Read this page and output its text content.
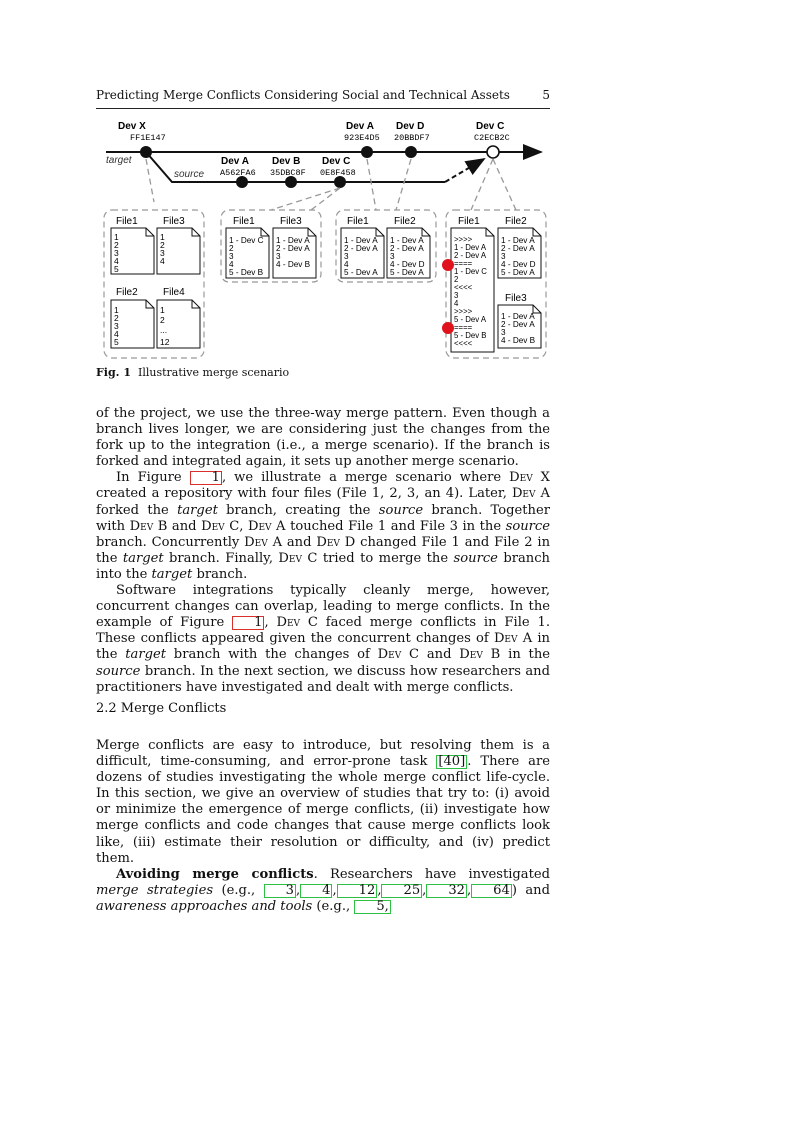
Predicting Merge Conflicts Considering Social and Technical Assets	5
target
source
Dev X
FF1E147
Dev A
A562FA6
Dev B
35DBC8F
Dev C
0E8F458
Dev A
923E4D5
Dev D
20BBDF7
Dev C
C2ECB2C
File1	File3
1
2
3
4
5
1
2
3
4
File2	File4
1
2
3
4
5
1
2
...
12
File1	File3
1 - Dev C
2
3
4
5 - Dev B
1 - Dev A
2 - Dev A
3
4 - Dev B
File1	File2
1 - Dev A
2 - Dev A
3
4
5 - Dev A
1 - Dev A
2 - Dev A
3
4 - Dev D
5 - Dev A
File1	File2
>>>>
1 - Dev A
2 - Dev A
====
1 - Dev C
2
<<<<
3
4
>>>>
5 - Dev A
====
5 - Dev B
<<<<
1 - Dev A
2 - Dev A
3
4 - Dev D
5 - Dev A
File3
1 - Dev A
2 - Dev A
3
4 - Dev B
Fig. 1 Illustrative merge scenario

of the project, we use the three-way merge pattern. Even though a branch lives longer, we are considering just the changes from the fork up to the integration (i.e., a merge scenario). If the branch is forked and integrated again, it sets up another merge scenario.

In Figure 1 , we illustrate a merge scenario where Dev X created a repository with four files (File 1, 2, 3, an 4). Later, Dev A forked the target branch, creating the source branch. Together with Dev B and Dev C, Dev A touched File 1 and File 3 in the source branch. Concurrently Dev A and Dev D changed File 1 and File 2 in the target branch. Finally, Dev C tried to merge the source branch into the target branch.

Software integrations typically cleanly merge, however, concurrent changes can overlap, leading to merge conflicts. In the example of Figure 1 , Dev C faced merge conflicts in File 1. These conflicts appeared given the concurrent changes of Dev A in the target branch with the changes of Dev C and Dev B in the source branch. In the next section, we discuss how researchers and practitioners have investigated and dealt with merge conflicts.

2.2 Merge Conflicts

Merge conflicts are easy to introduce, but resolving them is a difficult, time-consuming, and error-prone task [40] . There are dozens of studies investigating the whole merge conflict life-cycle. In this section, we give an overview of studies that try to: (i) avoid or minimize the emergence of merge conflicts, (ii) investigate how merge conflicts and code changes that cause merge conflicts look like, (iii) estimate their resolution or difficulty, and (iv) predict them.

Avoiding merge conflicts. Researchers have investigated merge strategies (e.g., 3 , 4 , 12 , 25 , 32 , 64 ) and awareness approaches and tools (e.g., 5,
